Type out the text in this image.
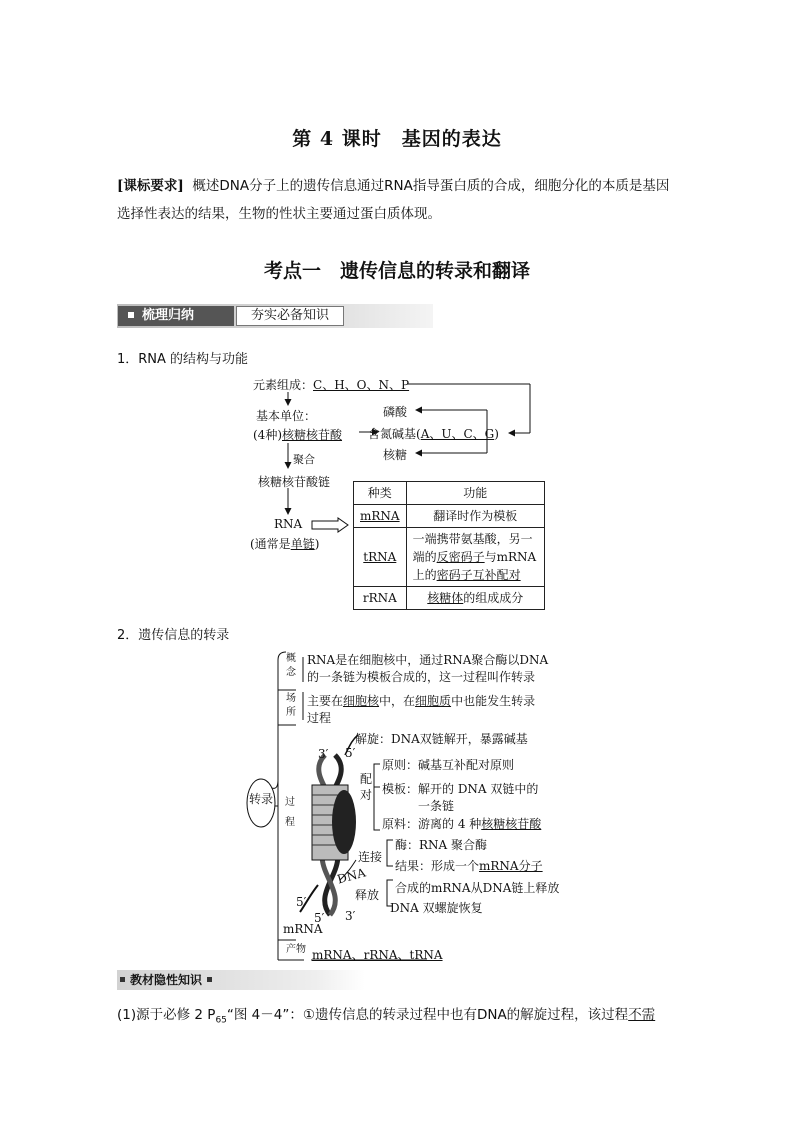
第 4 课时　基因的表达
[课标要求] 概述DNA分子上的遗传信息通过RNA指导蛋白质的合成，细胞分化的本质是基因选择性表达的结果，生物的性状主要通过蛋白质体现。
考点一　遗传信息的转录和翻译
梳理归纳	夯实必备知识
1．RNA 的结构与功能
元素组成：C、H、O、N、P
基本单位：
(4种)核糖核苷酸
磷酸
含氮碱基(A、U、C、G)
核糖
聚合
核糖核苷酸链
RNA
(通常是单链)
种类	功能
mRNA	翻译时作为模板
tRNA	一端携带氨基酸，另一
端的反密码子与mRNA
上的密码子互补配对
rRNA	核糖体的组成成分
2．遗传信息的转录
转录
概
念
RNA是在细胞核中，通过RNA聚合酶以DNA
的一条链为模板合成的，这一过程叫作转录
场
所
主要在细胞核中，在细胞质中也能发生转录
过程
过
程
解旋：DNA双链解开，暴露碱基
配
对
原则：碱基互补配对原则
模板：解开的 DNA 双链中的
一条链
原料：游离的 4 种核糖核苷酸
连接
酶：RNA 聚合酶
结果：形成一个mRNA分子
释放 合成的mRNA从DNA链上释放
DNA 双螺旋恢复
DNA
mRNA
3′ 5′
5′
5′ 3′
产物 mRNA、rRNA、tRNA
教材隐性知识
(1)源于必修 2 $P_{65}“$图 4－4”：①遗传信息的转录过程中也有DNA的解旋过程，该过程不需
